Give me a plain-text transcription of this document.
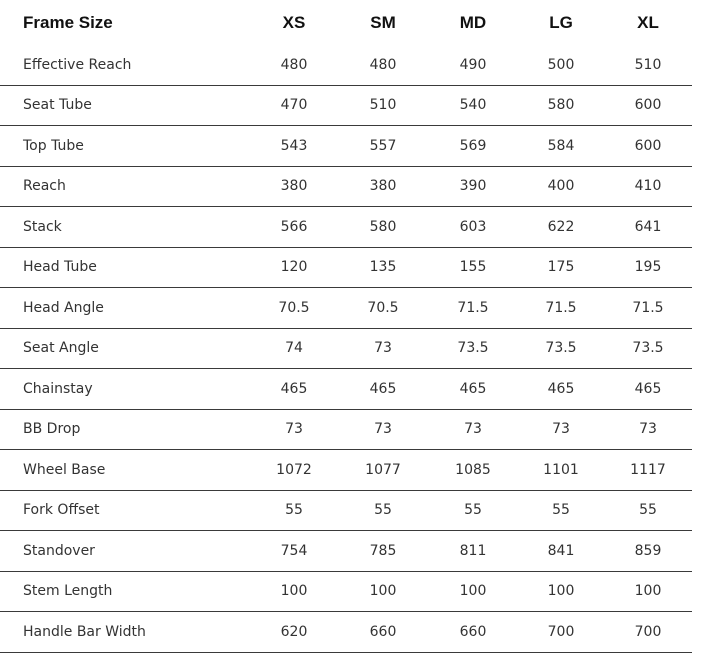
Frame Size	XS	SM	MD	LG	XL
Effective Reach	480	480	490	500	510
Seat Tube	470	510	540	580	600
Top Tube	543	557	569	584	600
Reach	380	380	390	400	410
Stack	566	580	603	622	641
Head Tube	120	135	155	175	195
Head Angle	70.5	70.5	71.5	71.5	71.5
Seat Angle	74	73	73.5	73.5	73.5
Chainstay	465	465	465	465	465
BB Drop	73	73	73	73	73
Wheel Base	1072	1077	1085	1101	1117
Fork Offset	55	55	55	55	55
Standover	754	785	811	841	859
Stem Length	100	100	100	100	100
Handle Bar Width	620	660	660	700	700
